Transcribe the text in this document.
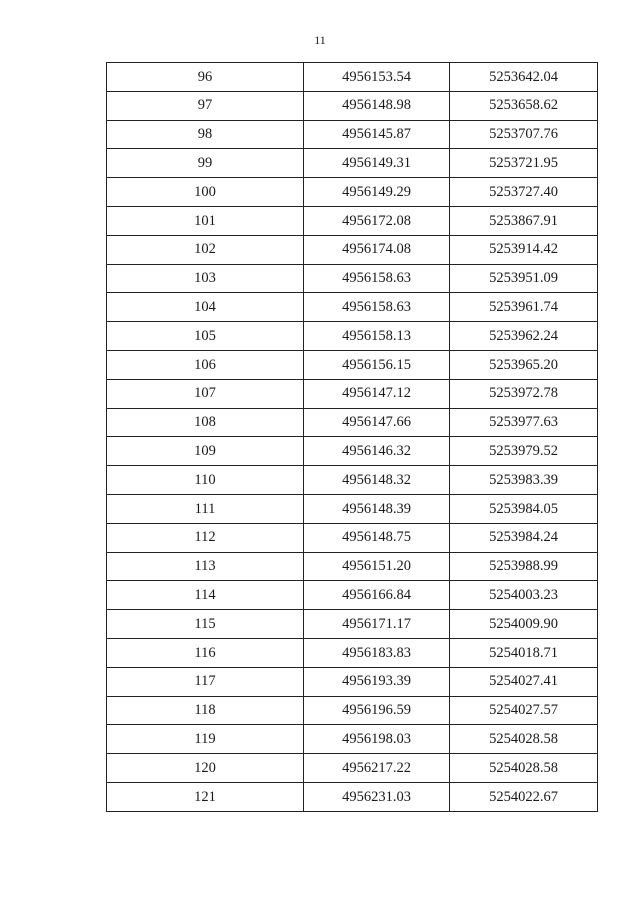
11
96	4956153.54	5253642.04
97	4956148.98	5253658.62
98	4956145.87	5253707.76
99	4956149.31	5253721.95
100	4956149.29	5253727.40
101	4956172.08	5253867.91
102	4956174.08	5253914.42
103	4956158.63	5253951.09
104	4956158.63	5253961.74
105	4956158.13	5253962.24
106	4956156.15	5253965.20
107	4956147.12	5253972.78
108	4956147.66	5253977.63
109	4956146.32	5253979.52
110	4956148.32	5253983.39
111	4956148.39	5253984.05
112	4956148.75	5253984.24
113	4956151.20	5253988.99
114	4956166.84	5254003.23
115	4956171.17	5254009.90
116	4956183.83	5254018.71
117	4956193.39	5254027.41
118	4956196.59	5254027.57
119	4956198.03	5254028.58
120	4956217.22	5254028.58
121	4956231.03	5254022.67
